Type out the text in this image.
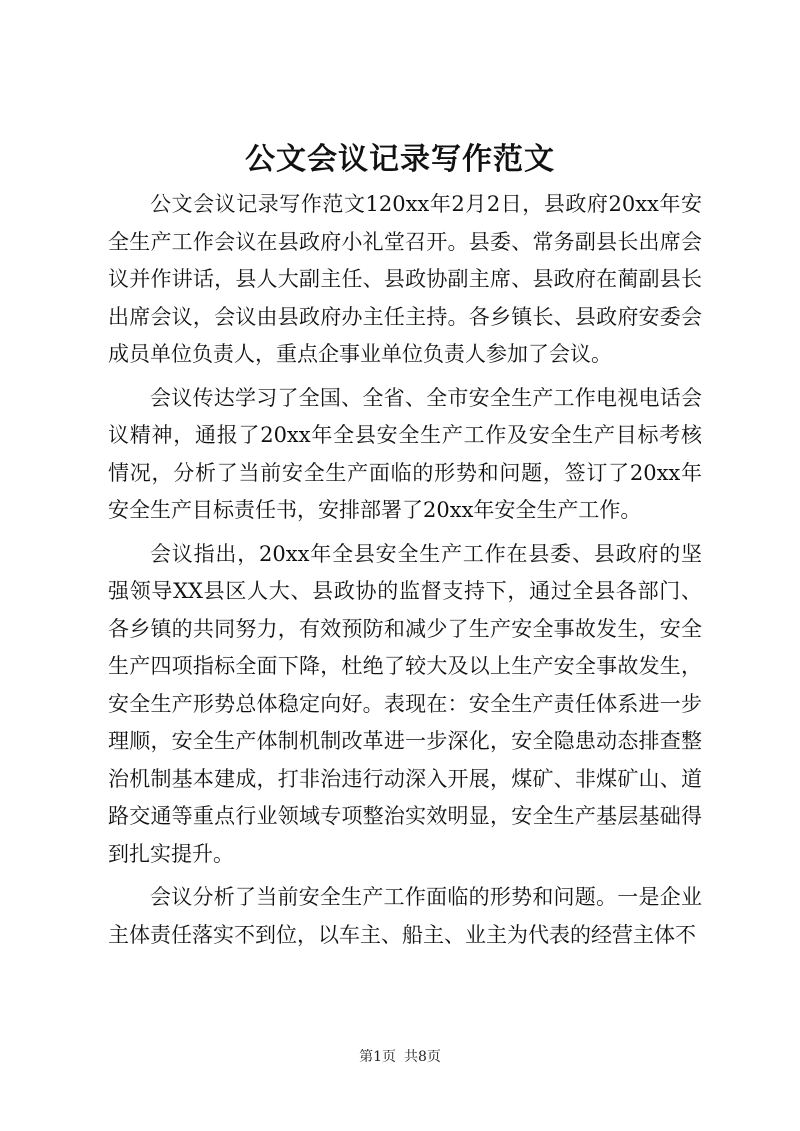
公文会议记录写作范文

公文会议记录写作范文120xx年2月2日，县政府20xx年安全生产工作会议在县政府小礼堂召开。县委、常务副县长出席会议并作讲话，县人大副主任、县政协副主席、县政府在蔺副县长出席会议，会议由县政府办主任主持。各乡镇长、县政府安委会成员单位负责人，重点企事业单位负责人参加了会议。

会议传达学习了全国、全省、全市安全生产工作电视电话会议精神，通报了20xx年全县安全生产工作及安全生产目标考核情况，分析了当前安全生产面临的形势和问题，签订了20xx年安全生产目标责任书，安排部署了20xx年安全生产工作。

会议指出，20xx年全县安全生产工作在县委、县政府的坚强领导XX县区人大、县政协的监督支持下，通过全县各部门、各乡镇的共同努力，有效预防和减少了生产安全事故发生，安全生产四项指标全面下降，杜绝了较大及以上生产安全事故发生，安全生产形势总体稳定向好。表现在：安全生产责任体系进一步理顺，安全生产体制机制改革进一步深化，安全隐患动态排查整治机制基本建成，打非治违行动深入开展，煤矿、非煤矿山、道路交通等重点行业领域专项整治实效明显，安全生产基层基础得到扎实提升。

会议分析了当前安全生产工作面临的形势和问题。一是企业主体责任落实不到位，以车主、船主、业主为代表的经营主体不

第1页 共8页
